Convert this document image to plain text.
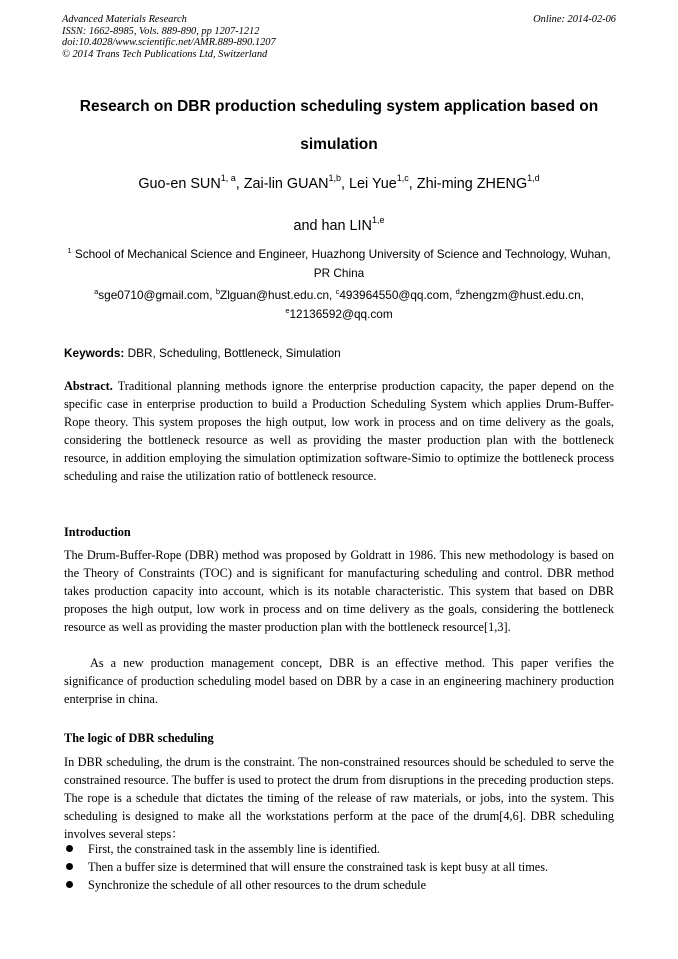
Advanced Materials Research
ISSN: 1662-8985, Vols. 889-890, pp 1207-1212
doi:10.4028/www.scientific.net/AMR.889-890.1207
© 2014 Trans Tech Publications Ltd, Switzerland
Online: 2014-02-06
Research on DBR production scheduling system application based on simulation
Guo-en SUN$^{1, a}$, Zai-lin GUAN$^{1,b}$, Lei Yue$^{1,c}$, Zhi-ming ZHENG$^{1,d}$
and han LIN$^{1,e}$
$^1$ School of Mechanical Science and Engineer, Huazhong University of Science and Technology, Wuhan, PR China
$^a$sge0710@gmail.com, $^b$Zlguan@hust.edu.cn, $^c$493964550@qq.com, $^d$zhengzm@hust.edu.cn, $^e$12136592@qq.com
Keywords: DBR, Scheduling, Bottleneck, Simulation
Abstract. Traditional planning methods ignore the enterprise production capacity, the paper depend on the specific case in enterprise production to build a Production Scheduling System which applies Drum-Buffer-Rope theory. This system proposes the high output, low work in process and on time delivery as the goals, considering the bottleneck resource as well as providing the master production plan with the bottleneck resource, in addition employing the simulation optimization software-Simio to optimize the bottleneck process scheduling and raise the utilization ratio of bottleneck resource.
Introduction
The Drum-Buffer-Rope (DBR) method was proposed by Goldratt in 1986. This new methodology is based on the Theory of Constraints (TOC) and is significant for manufacturing scheduling and control. DBR method takes production capacity into account, which is its notable characteristic. This system that based on DBR proposes the high output, low work in process and on time delivery as the goals, considering the bottleneck resource as well as providing the master production plan with the bottleneck resource[1,3].
As a new production management concept, DBR is an effective method. This paper verifies the significance of production scheduling model based on DBR by a case in an engineering machinery production enterprise in china.
The logic of DBR scheduling
In DBR scheduling, the drum is the constraint. The non-constrained resources should be scheduled to serve the constrained resource. The buffer is used to protect the drum from disruptions in the preceding production steps. The rope is a schedule that dictates the timing of the release of raw materials, or jobs, into the system. This scheduling is designed to make all the workstations perform at the pace of the drum[4,6]. DBR scheduling involves several steps：
First, the constrained task in the assembly line is identified.
Then a buffer size is determined that will ensure the constrained task is kept busy at all times.
Synchronize the schedule of all other resources to the drum schedule
